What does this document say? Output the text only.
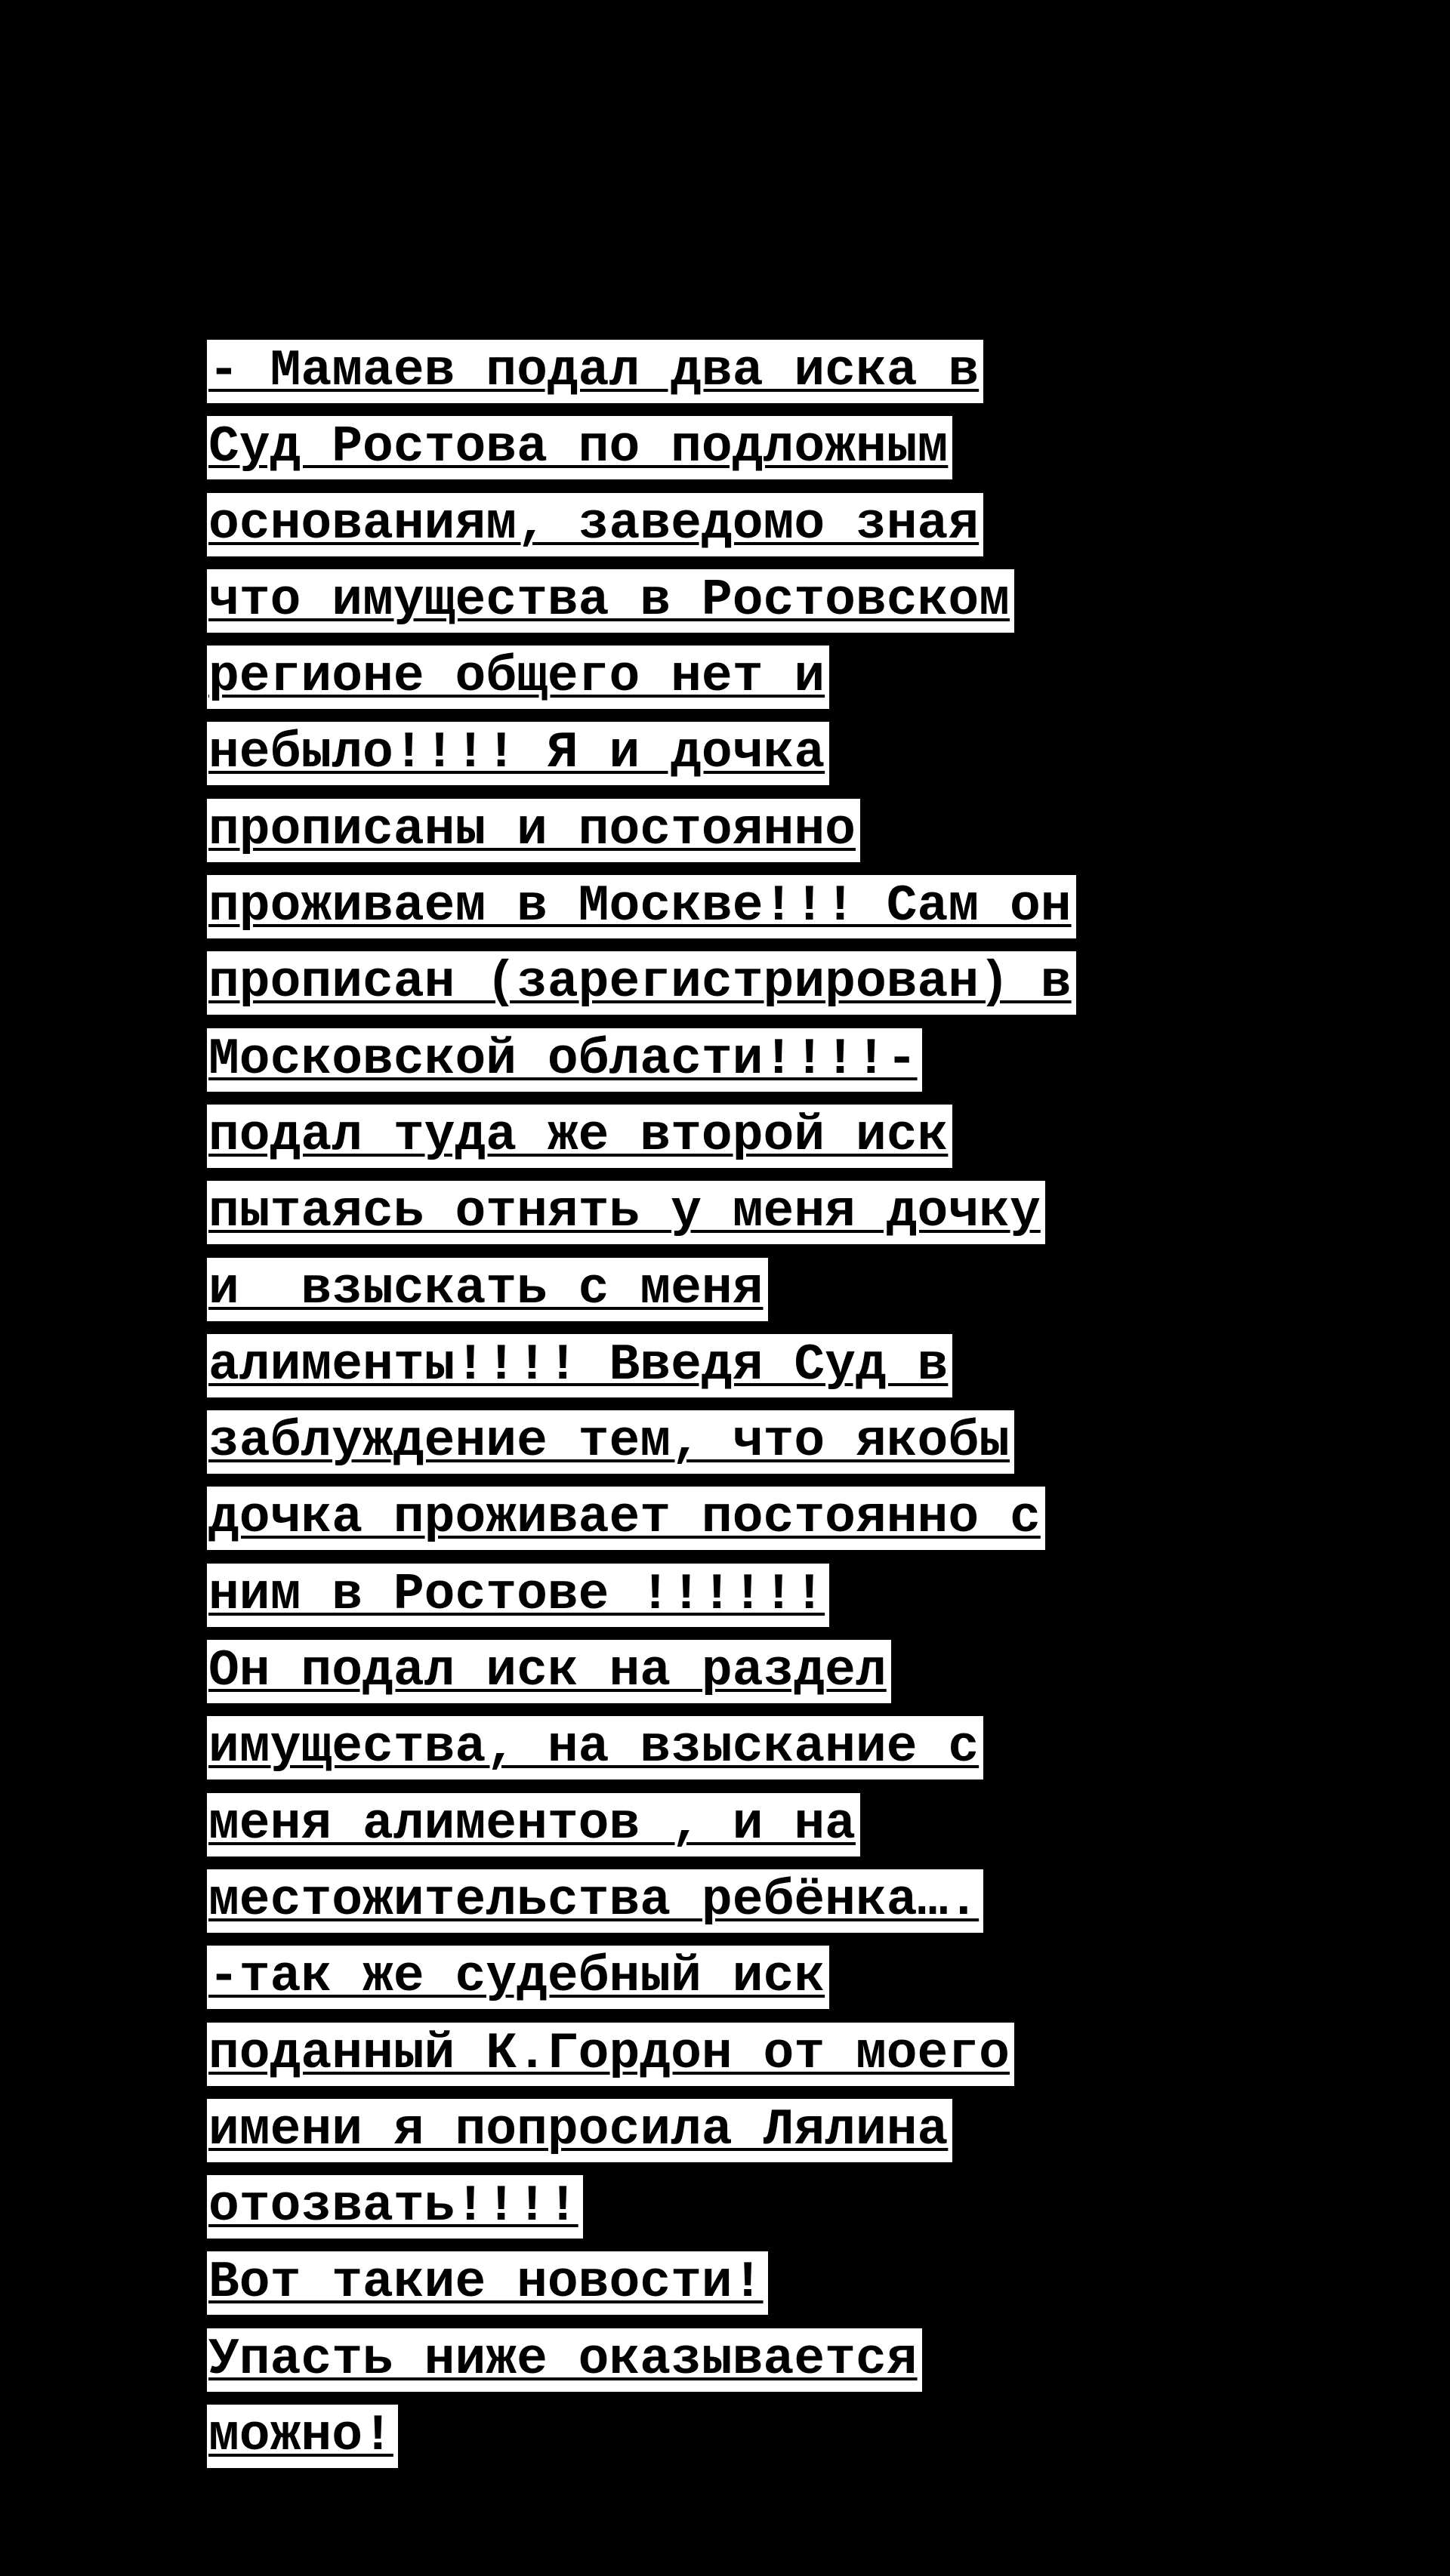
- Мамаев подал два иска в
Суд Ростова по подложным
основаниям, заведомо зная
что имущества в Ростовском
регионе общего нет и
небыло!!!! Я и дочка
прописаны и постоянно
проживаем в Москве!!! Сам он
прописан (зарегистрирован) в
Московской области!!!!-
подал туда же второй иск
пытаясь отнять у меня дочку
и  взыскать с меня
алименты!!!! Введя Суд в
заблуждение тем, что якобы
дочка проживает постоянно с
ним в Ростове !!!!!!
Он подал иск на раздел
имущества, на взыскание с
меня алиментов , и на
местожительства ребёнка….
-так же судебный иск
поданный К.Гордон от моего
имени я попросила Лялина
отозвать!!!!
Вот такие новости!
Упасть ниже оказывается
можно!
